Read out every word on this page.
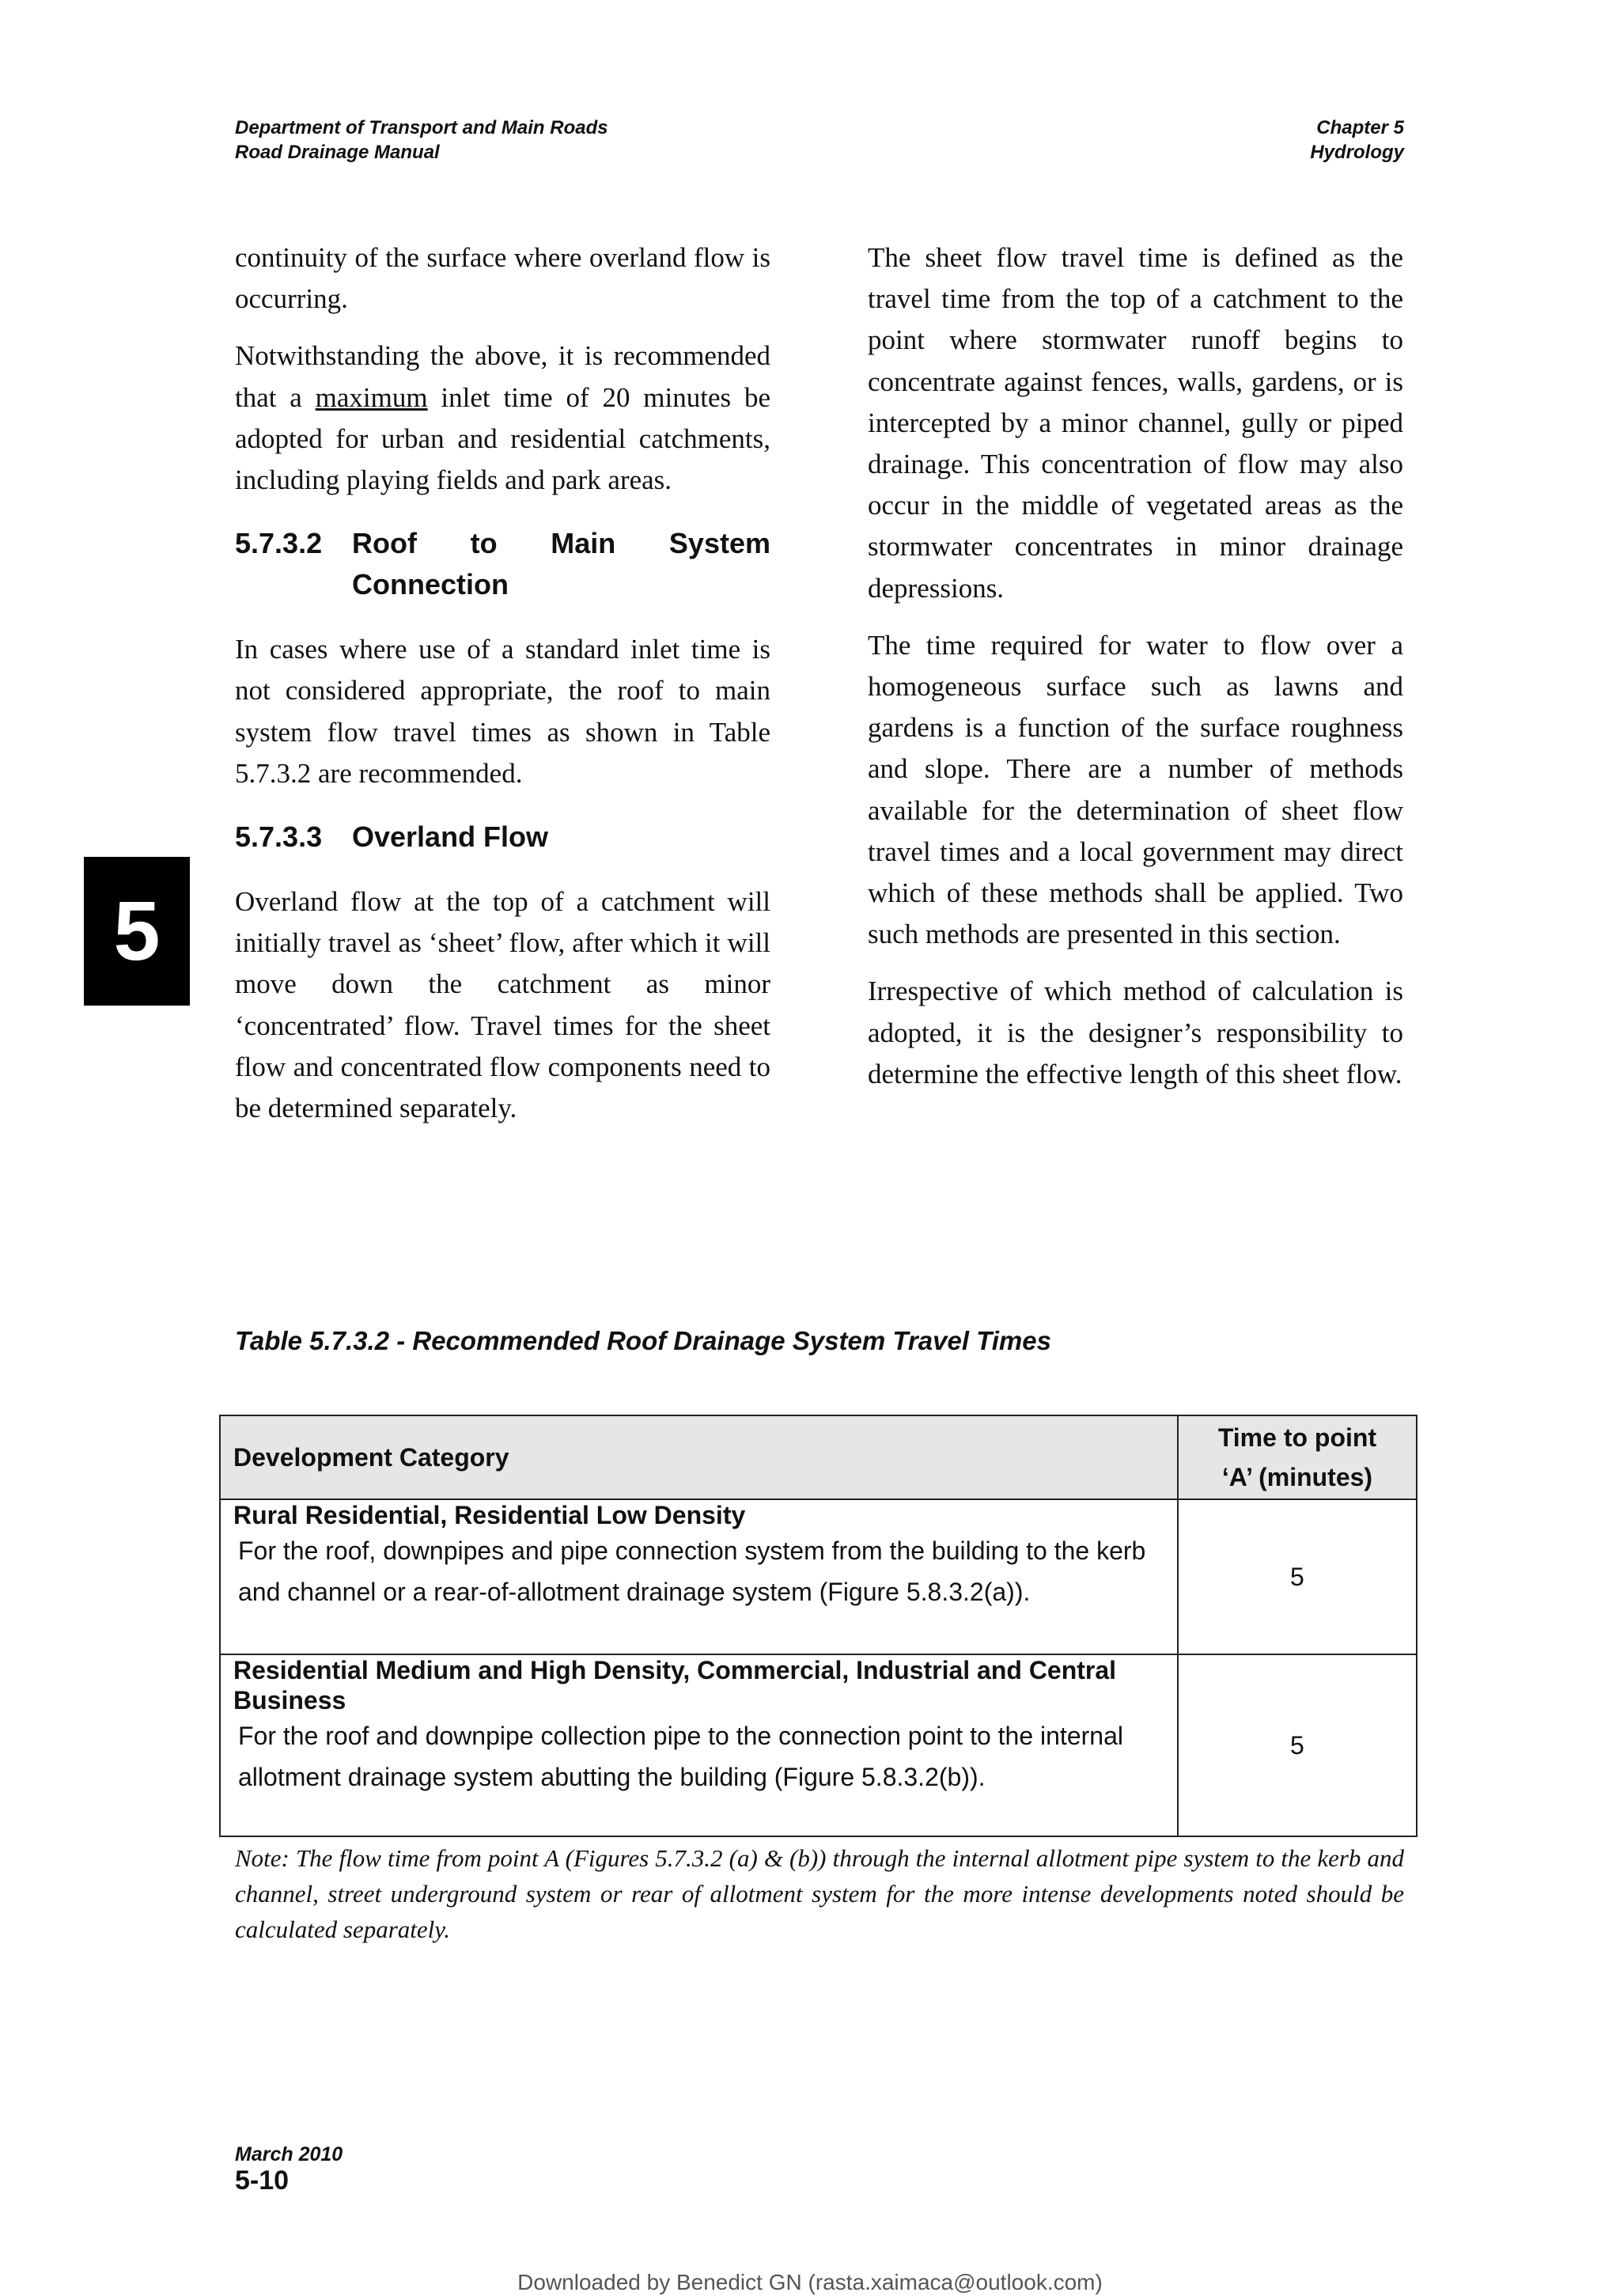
Department of Transport and Main Roads
Road Drainage Manual
Chapter 5
Hydrology
5

continuity of the surface where overland flow is occurring.

Notwithstanding the above, it is recommended that a maximum inlet time of 20 minutes be adopted for urban and residential catchments, including playing fields and park areas.

5.7.3.2	Roof to Main System Connection

In cases where use of a standard inlet time is not considered appropriate, the roof to main system flow travel times as shown in Table 5.7.3.2 are recommended.

5.7.3.3	Overland Flow

Overland flow at the top of a catchment will initially travel as ‘sheet’ flow, after which it will move down the catchment as minor ‘concentrated’ flow. Travel times for the sheet flow and concentrated flow components need to be determined separately.

The sheet flow travel time is defined as the travel time from the top of a catchment to the point where stormwater runoff begins to concentrate against fences, walls, gardens, or is intercepted by a minor channel, gully or piped drainage. This concentration of flow may also occur in the middle of vegetated areas as the stormwater concentrates in minor drainage depressions.

The time required for water to flow over a homogeneous surface such as lawns and gardens is a function of the surface roughness and slope. There are a number of methods available for the determination of sheet flow travel times and a local government may direct which of these methods shall be applied. Two such methods are presented in this section.

Irrespective of which method of calculation is adopted, it is the designer’s responsibility to determine the effective length of this sheet flow.

Table 5.7.3.2 - Recommended Roof Drainage System Travel Times
Development Category	Time to point
‘A’ (minutes)

Rural Residential, Residential Low Density
For the roof, downpipes and pipe connection system from the building to the kerb and channel or a rear-of-allotment drainage system (Figure 5.8.3.2(a)).	5

Residential Medium and High Density, Commercial, Industrial and Central Business
For the roof and downpipe collection pipe to the connection point to the internal allotment drainage system abutting the building (Figure 5.8.3.2(b)).	5
Note: The flow time from point A (Figures 5.7.3.2 (a) & (b)) through the internal allotment pipe system to the kerb and channel, street underground system or rear of allotment system for the more intense developments noted should be calculated separately.
March 2010
5-10
Downloaded by Benedict GN (rasta.xaimaca@outlook.com)
